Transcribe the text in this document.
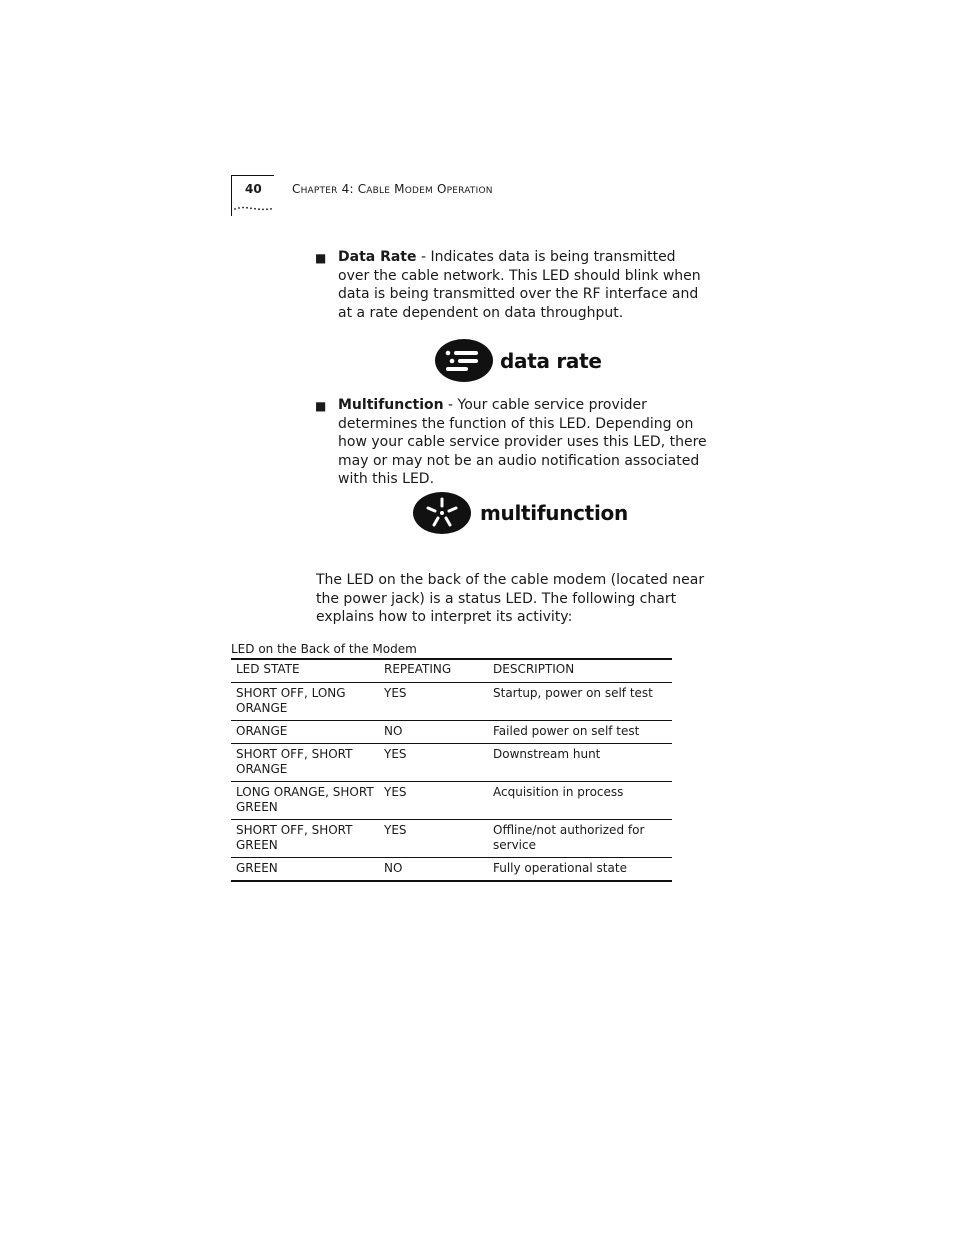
40	CHAPTER 4: CABLE MODEM OPERATION
■ Data Rate - Indicates data is being transmitted over the cable network. This LED should blink when data is being transmitted over the RF interface and at a rate dependent on data throughput.
data rate
■ Multifunction - Your cable service provider determines the function of this LED. Depending on how your cable service provider uses this LED, there may or may not be an audio notification associated with this LED.
multifunction
The LED on the back of the cable modem (located near the power jack) is a status LED. The following chart explains how to interpret its activity:
LED on the Back of the Modem
LED STATE	REPEATING	DESCRIPTION
SHORT OFF, LONG ORANGE	YES	Startup, power on self test
ORANGE	NO	Failed power on self test
SHORT OFF, SHORT ORANGE	YES	Downstream hunt
LONG ORANGE, SHORT GREEN	YES	Acquisition in process
SHORT OFF, SHORT GREEN	YES	Offline/not authorized for service
GREEN	NO	Fully operational state
